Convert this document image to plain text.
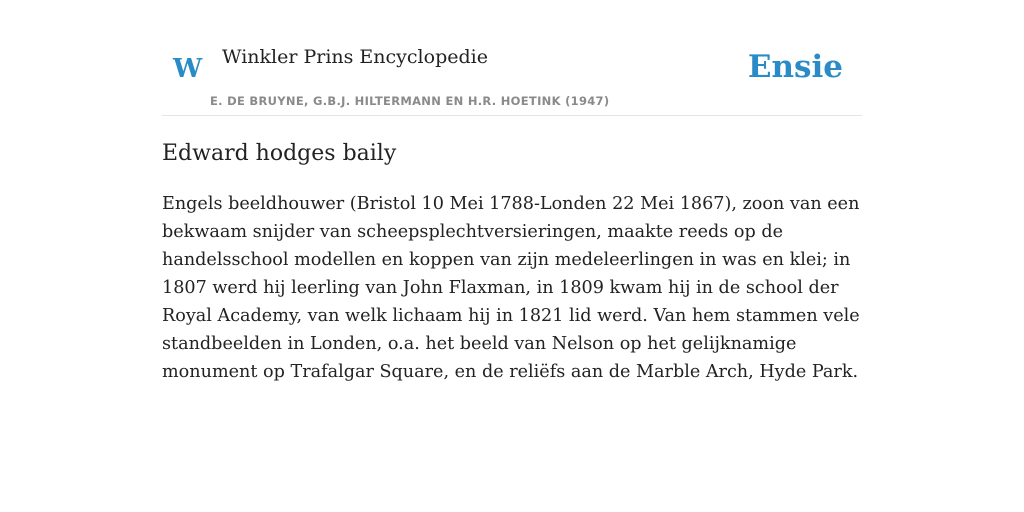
W Winkler Prins Encyclopedie
E. DE BRUYNE, G.B.J. HILTERMANN EN H.R. HOETINK (1947)
Ensie
Edward hodges baily

Engels beeldhouwer (Bristol 10 Mei 1788-Londen 22 Mei 1867), zoon van een bekwaam snijder van scheepsplechtversieringen, maakte reeds op de handelsschool modellen en koppen van zijn medeleerlingen in was en klei; in 1807 werd hij leerling van John Flaxman, in 1809 kwam hij in de school der Royal Academy, van welk lichaam hij in 1821 lid werd. Van hem stammen vele standbeelden in Londen, o.a. het beeld van Nelson op het gelijknamige monument op Trafalgar Square, en de reliëfs aan de Marble Arch, Hyde Park.
